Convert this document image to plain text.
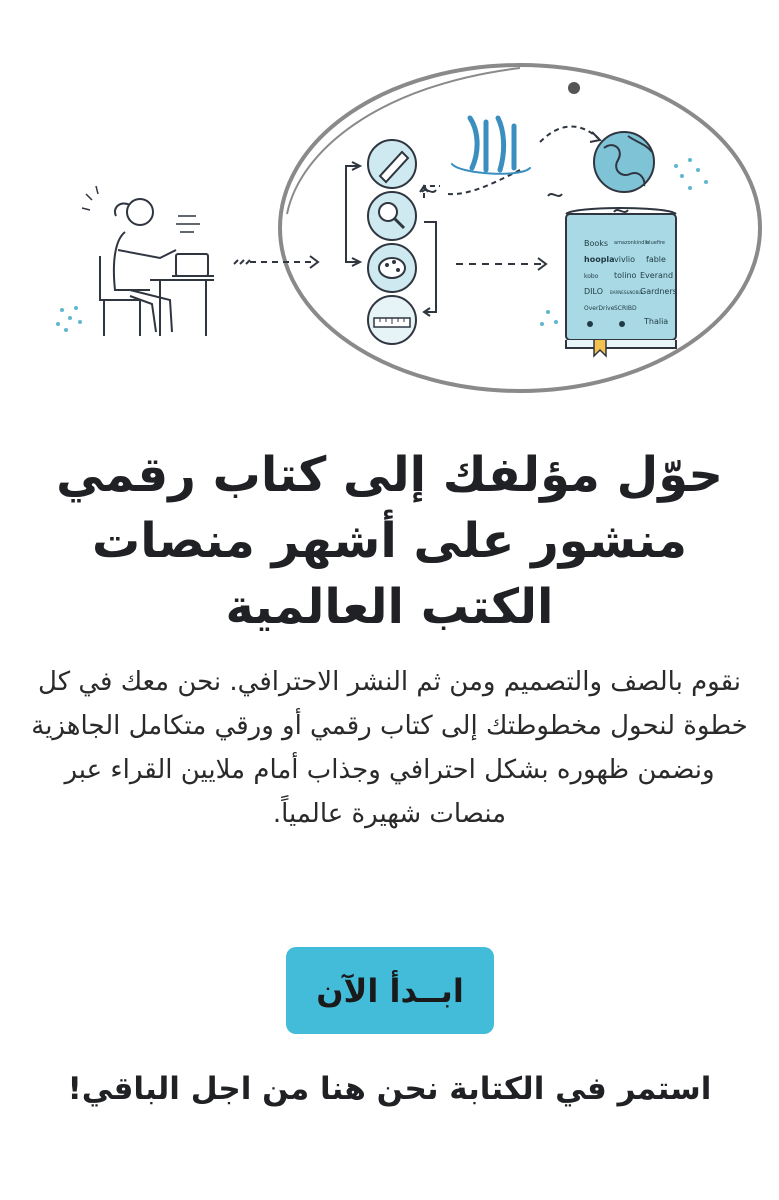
Books amazonkindle
bluefire
hoopla vivlio fable
kobo tolino Everand
DILO BARNES&NOBLE
Gardners
OverDrive SCRIBD
Thalia
حوّل مؤلفك إلى كتاب رقمي منشور على أشهر منصات الكتب العالمية

نقوم بالصف والتصميم ومن ثم النشر الاحترافي. نحن معك في كل خطوة لنحول مخطوطتك إلى كتاب رقمي أو ورقي متكامل الجاهزية ونضمن ظهوره بشكل احترافي وجذاب أمام ملايين القراء عبر منصات شهيرة عالمياً.

ابــدأ الآن

استمر في الكتابة نحن هنا من اجل الباقي!
